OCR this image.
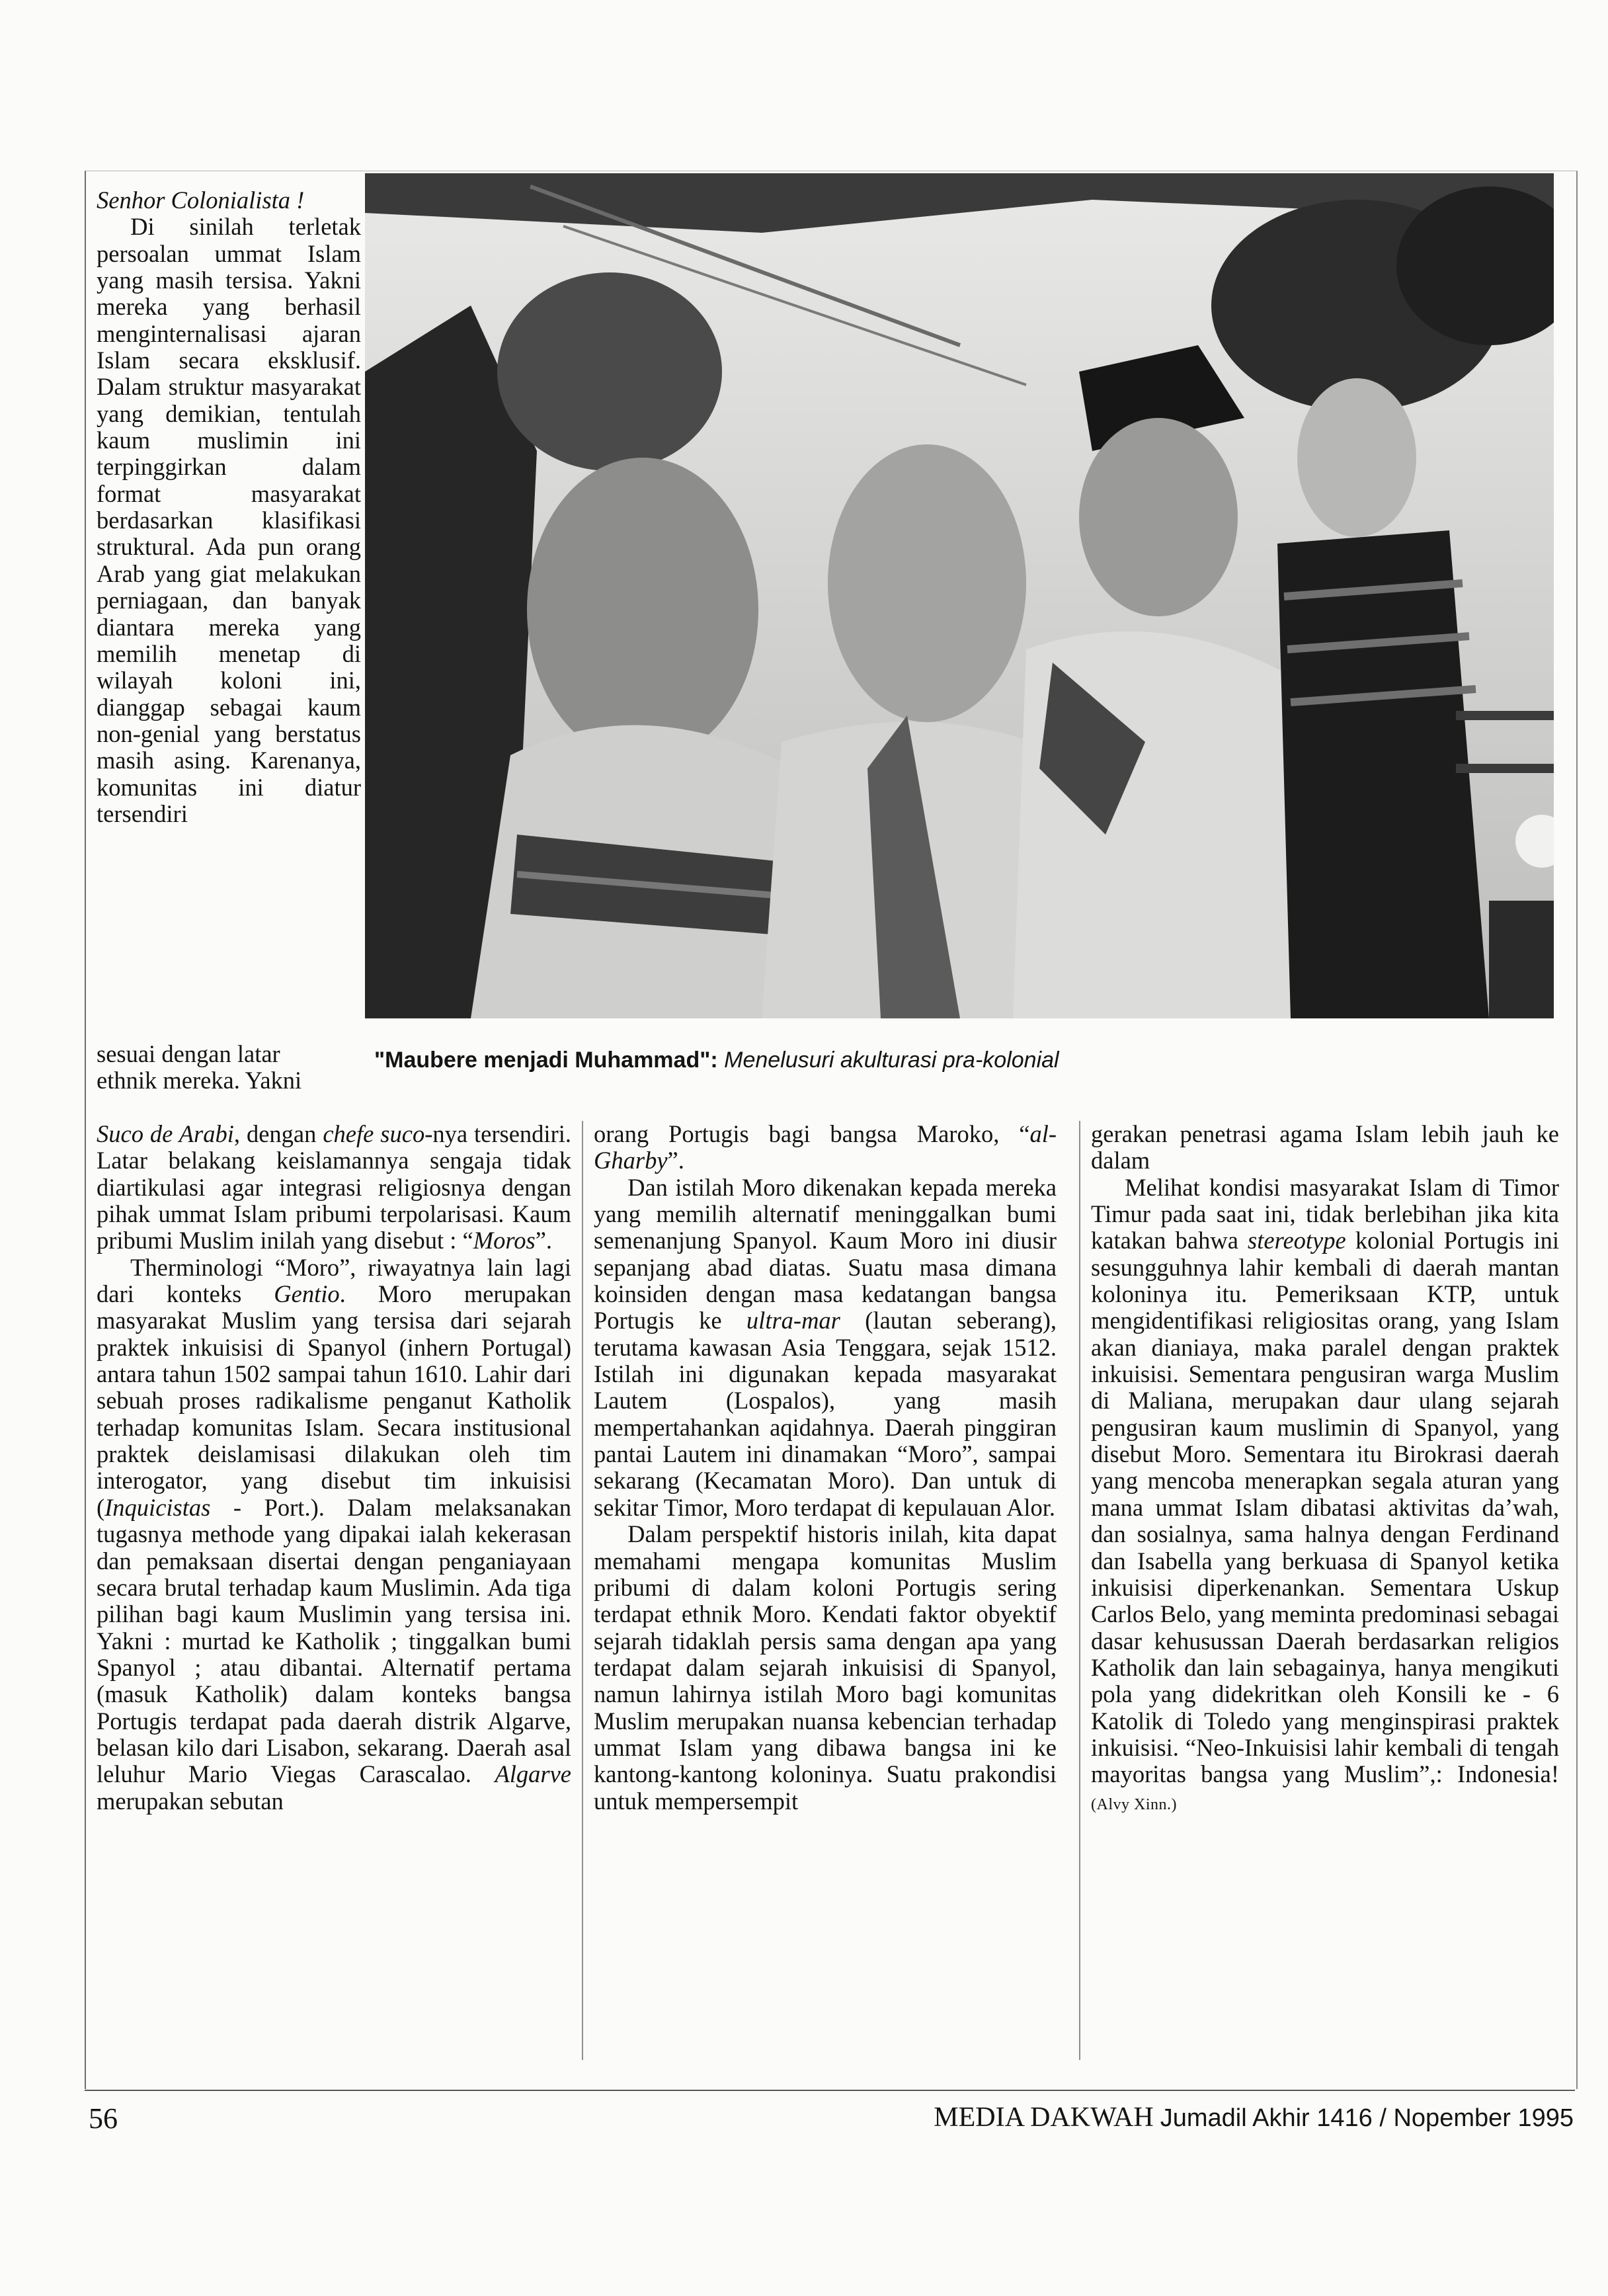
"Maubere menjadi Muhammad": Menelusuri akulturasi pra-kolonial

Senhor Colonialista !

Di sinilah terletak persoalan ummat Islam yang masih tersisa. Yakni mereka yang berhasil menginternalisasi ajaran Islam secara eksklusif. Dalam struktur masyarakat yang demikian, tentulah kaum muslimin ini terpinggirkan dalam format masyarakat berdasarkan klasifikasi struktural. Ada pun orang Arab yang giat melakukan perniagaan, dan banyak diantara mereka yang memilih menetap di wilayah koloni ini, dianggap sebagai kaum non-genial yang berstatus masih asing. Karenanya, komunitas ini diatur tersendiri

sesuai dengan latar

ethnik mereka. Yakni

Suco de Arabi, dengan chefe suco-nya tersendiri. Latar belakang keislamannya sengaja tidak diartikulasi agar integrasi religiosnya dengan pihak ummat Islam pribumi terpolarisasi. Kaum pribumi Muslim inilah yang disebut : “Moros”.

Therminologi “Moro”, riwayatnya lain lagi dari konteks Gentio. Moro merupakan masyarakat Muslim yang tersisa dari sejarah praktek inkuisisi di Spanyol (inhern Portugal) antara tahun 1502 sampai tahun 1610. Lahir dari sebuah proses radikalisme penganut Katholik terhadap komunitas Islam. Secara institusional praktek deislamisasi dilakukan oleh tim interogator, yang disebut tim inkuisisi (Inquicistas - Port.). Dalam melaksanakan tugasnya methode yang dipakai ialah kekerasan dan pemaksaan disertai dengan penganiayaan secara brutal terhadap kaum Muslimin. Ada tiga pilihan bagi kaum Muslimin yang tersisa ini. Yakni : murtad ke Katholik ; tinggalkan bumi Spanyol ; atau dibantai. Alternatif pertama (masuk Katholik) dalam konteks bangsa Portugis terdapat pada daerah distrik Algarve, belasan kilo dari Lisabon, sekarang. Daerah asal leluhur Mario Viegas Carascalao. Algarve merupakan sebutan

orang Portugis bagi bangsa Maroko, “al-Gharby”.

Dan istilah Moro dikenakan kepada mereka yang memilih alternatif meninggalkan bumi semenanjung Spanyol. Kaum Moro ini diusir sepanjang abad diatas. Suatu masa dimana koinsiden dengan masa kedatangan bangsa Portugis ke ultra-mar (lautan seberang), terutama kawasan Asia Tenggara, sejak 1512. Istilah ini digunakan kepada masyarakat Lautem (Lospalos), yang masih mempertahankan aqidahnya. Daerah pinggiran pantai Lautem ini dinamakan “Moro”, sampai sekarang (Kecamatan Moro). Dan untuk di sekitar Timor, Moro terdapat di kepulauan Alor.

Dalam perspektif historis inilah, kita dapat memahami mengapa komunitas Muslim pribumi di dalam koloni Portugis sering terdapat ethnik Moro. Kendati faktor obyektif sejarah tidaklah persis sama dengan apa yang terdapat dalam sejarah inkuisisi di Spanyol, namun lahirnya istilah Moro bagi komunitas Muslim merupakan nuansa kebencian terhadap ummat Islam yang dibawa bangsa ini ke kantong-kantong koloninya. Suatu prakondisi untuk mempersempit

gerakan penetrasi agama Islam lebih jauh ke dalam

Melihat kondisi masyarakat Islam di Timor Timur pada saat ini, tidak berlebihan jika kita katakan bahwa stereotype kolonial Portugis ini sesungguhnya lahir kembali di daerah mantan koloninya itu. Pemeriksaan KTP, untuk mengidentifikasi religiositas orang, yang Islam akan dianiaya, maka paralel dengan praktek inkuisisi. Sementara pengusiran warga Muslim di Maliana, merupakan daur ulang sejarah pengusiran kaum muslimin di Spanyol, yang disebut Moro. Sementara itu Birokrasi daerah yang mencoba menerapkan segala aturan yang mana ummat Islam dibatasi aktivitas da’wah, dan sosialnya, sama halnya dengan Ferdinand dan Isabella yang berkuasa di Spanyol ketika inkuisisi diperkenankan. Sementara Uskup Carlos Belo, yang meminta predominasi sebagai dasar kehusussan Daerah berdasarkan religios Katholik dan lain sebagainya, hanya mengikuti pola yang didekritkan oleh Konsili ke - 6 Katolik di Toledo yang menginspirasi praktek inkuisisi. “Neo-Inkuisisi lahir kembali di tengah mayoritas bangsa yang Muslim”,: Indonesia! (Alvy Xinn.)

56	MEDIA DAKWAH Jumadil Akhir 1416 / Nopember 1995
